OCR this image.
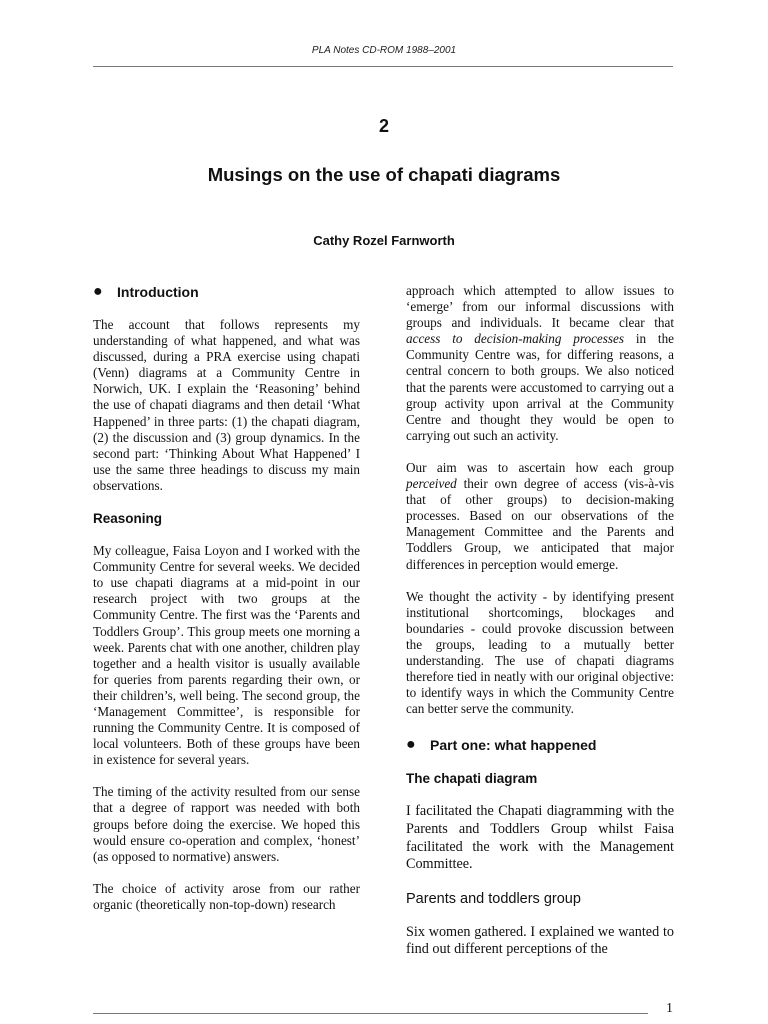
PLA Notes CD-ROM 1988–2001
2
Musings on the use of chapati diagrams
Cathy Rozel Farnworth
●	Introduction

The account that follows represents my understanding of what happened, and what was discussed, during a PRA exercise using chapati (Venn) diagrams at a Community Centre in Norwich, UK. I explain the ‘Reasoning’ behind the use of chapati diagrams and then detail ‘What Happened’ in three parts: (1) the chapati diagram, (2) the discussion and (3) group dynamics. In the second part: ‘Thinking About What Happened’ I use the same three headings to discuss my main observations.

Reasoning

My colleague, Faisa Loyon and I worked with the Community Centre for several weeks. We decided to use chapati diagrams at a mid-point in our research project with two groups at the Community Centre. The first was the ‘Parents and Toddlers Group’. This group meets one morning a week. Parents chat with one another, children play together and a health visitor is usually available for queries from parents regarding their own, or their children’s, well being. The second group, the ‘Management Committee’, is responsible for running the Community Centre. It is composed of local volunteers. Both of these groups have been in existence for several years.

The timing of the activity resulted from our sense that a degree of rapport was needed with both groups before doing the exercise. We hoped this would ensure co-operation and complex, ‘honest’ (as opposed to normative) answers.

The choice of activity arose from our rather organic (theoretically non-top-down) research

approach which attempted to allow issues to ‘emerge’ from our informal discussions with groups and individuals. It became clear that access to decision-making processes in the Community Centre was, for differing reasons, a central concern to both groups. We also noticed that the parents were accustomed to carrying out a group activity upon arrival at the Community Centre and thought they would be open to carrying out such an activity.

Our aim was to ascertain how each group perceived their own degree of access (vis-à-vis that of other groups) to decision-making processes. Based on our observations of the Management Committee and the Parents and Toddlers Group, we anticipated that major differences in perception would emerge.

We thought the activity - by identifying present institutional shortcomings, blockages and boundaries - could provoke discussion between the groups, leading to a mutually better understanding. The use of chapati diagrams therefore tied in neatly with our original objective: to identify ways in which the Community Centre can better serve the community.

●	Part one: what happened
The chapati diagram

I facilitated the Chapati diagramming with the Parents and Toddlers Group whilst Faisa facilitated the work with the Management Committee.

Parents and toddlers group

Six women gathered. I explained we wanted to find out different perceptions of the

1
